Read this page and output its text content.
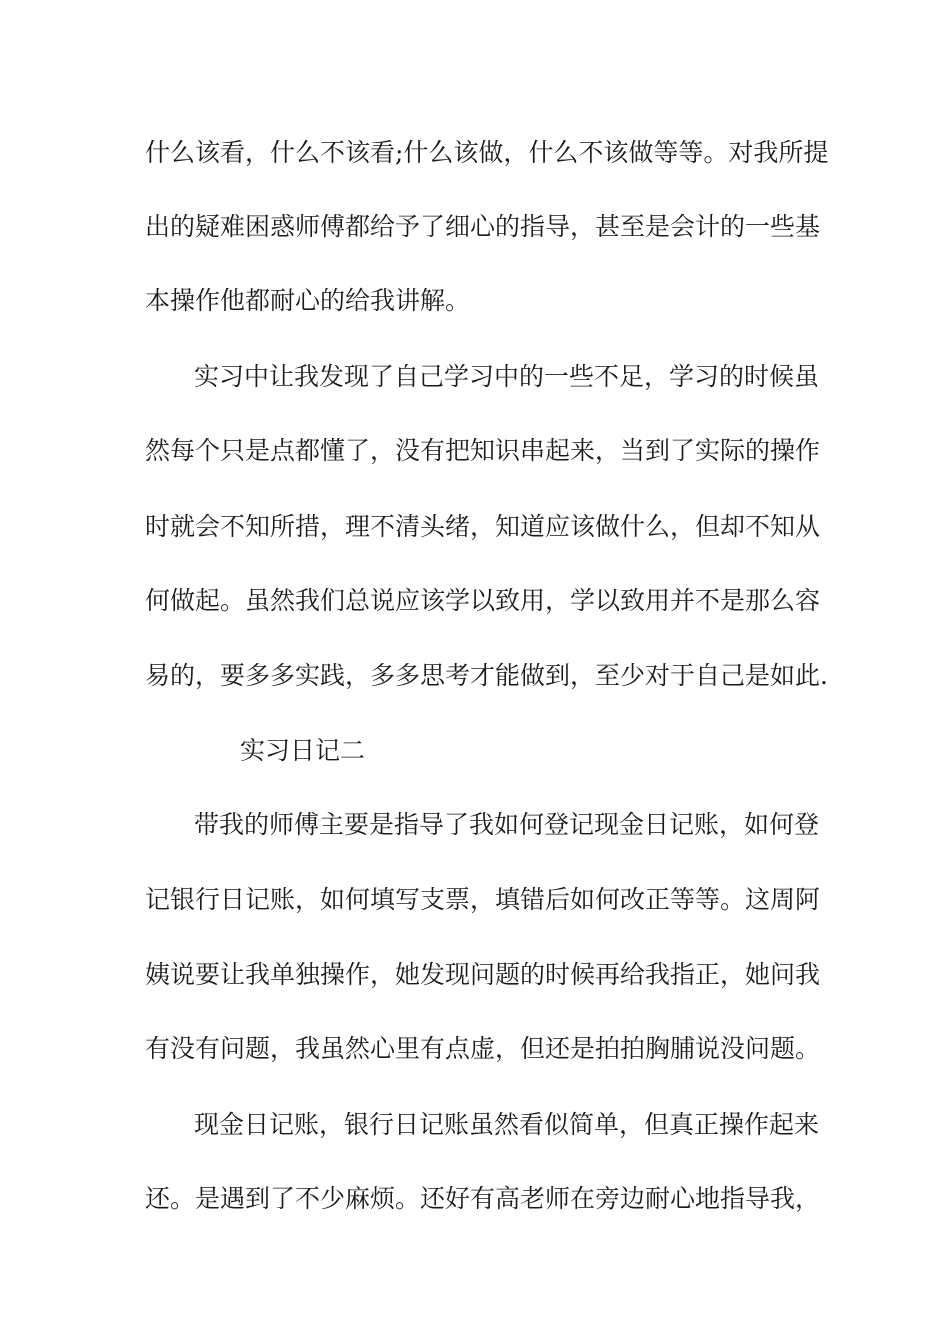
什么该看，什么不该看;什么该做，什么不该做等等。对我所提

出的疑难困惑师傅都给予了细心的指导，甚至是会计的一些基

本操作他都耐心的给我讲解。

实习中让我发现了自己学习中的一些不足，学习的时候虽

然每个只是点都懂了，没有把知识串起来，当到了实际的操作

时就会不知所措，理不清头绪，知道应该做什么，但却不知从

何做起。虽然我们总说应该学以致用，学以致用并不是那么容

易的，要多多实践，多多思考才能做到，至少对于自己是如此.

实习日记二

带我的师傅主要是指导了我如何登记现金日记账，如何登

记银行日记账，如何填写支票，填错后如何改正等等。这周阿

姨说要让我单独操作，她发现问题的时候再给我指正，她问我

有没有问题，我虽然心里有点虚，但还是拍拍胸脯说没问题。

现金日记账，银行日记账虽然看似简单，但真正操作起来

还。是遇到了不少麻烦。还好有高老师在旁边耐心地指导我，
